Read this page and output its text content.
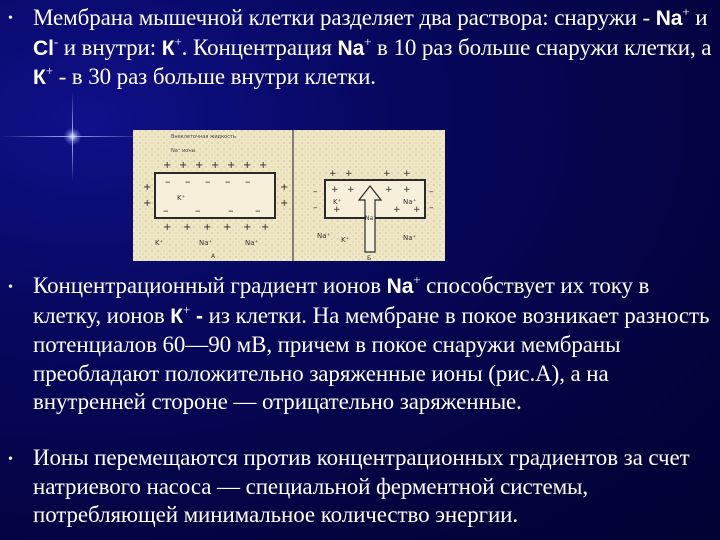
• Мембрана мышечной клетки разделяет два раствора: снаружи - Na+ и Cl- и внутри: К+. Концентрация Na+ в 10 раз больше снаружи клетки, а К+ - в 30 раз больше внутри клетки.

Внеклеточная жидкость
Na⁺ ионы
+ + + + + + +
+
+
+
+
+ + + + + +
– – – – –
– –	– –
K⁺
K⁺	Na⁺	Na⁺
А
+ +	+ +
+ +	+ +
+	+ +
–
–
–
–
Na⁺
K⁺	Na⁺
Na⁺ K⁺	Na⁺
Б
• Концентрационный градиент ионов Na+ способствует их току в клетку, ионов К+ - из клетки. На мембране в покое возникает разность потенциалов 60—90 мВ, причем в покое снаружи мембраны преобладают положительно заряженные ионы (рис.А), а на внутренней стороне — отрицательно заряженные.

• Ионы перемещаются против концентрационных градиентов за счет натриевого насоса — специальной ферментной системы, потребляющей минимальное количество энергии.
